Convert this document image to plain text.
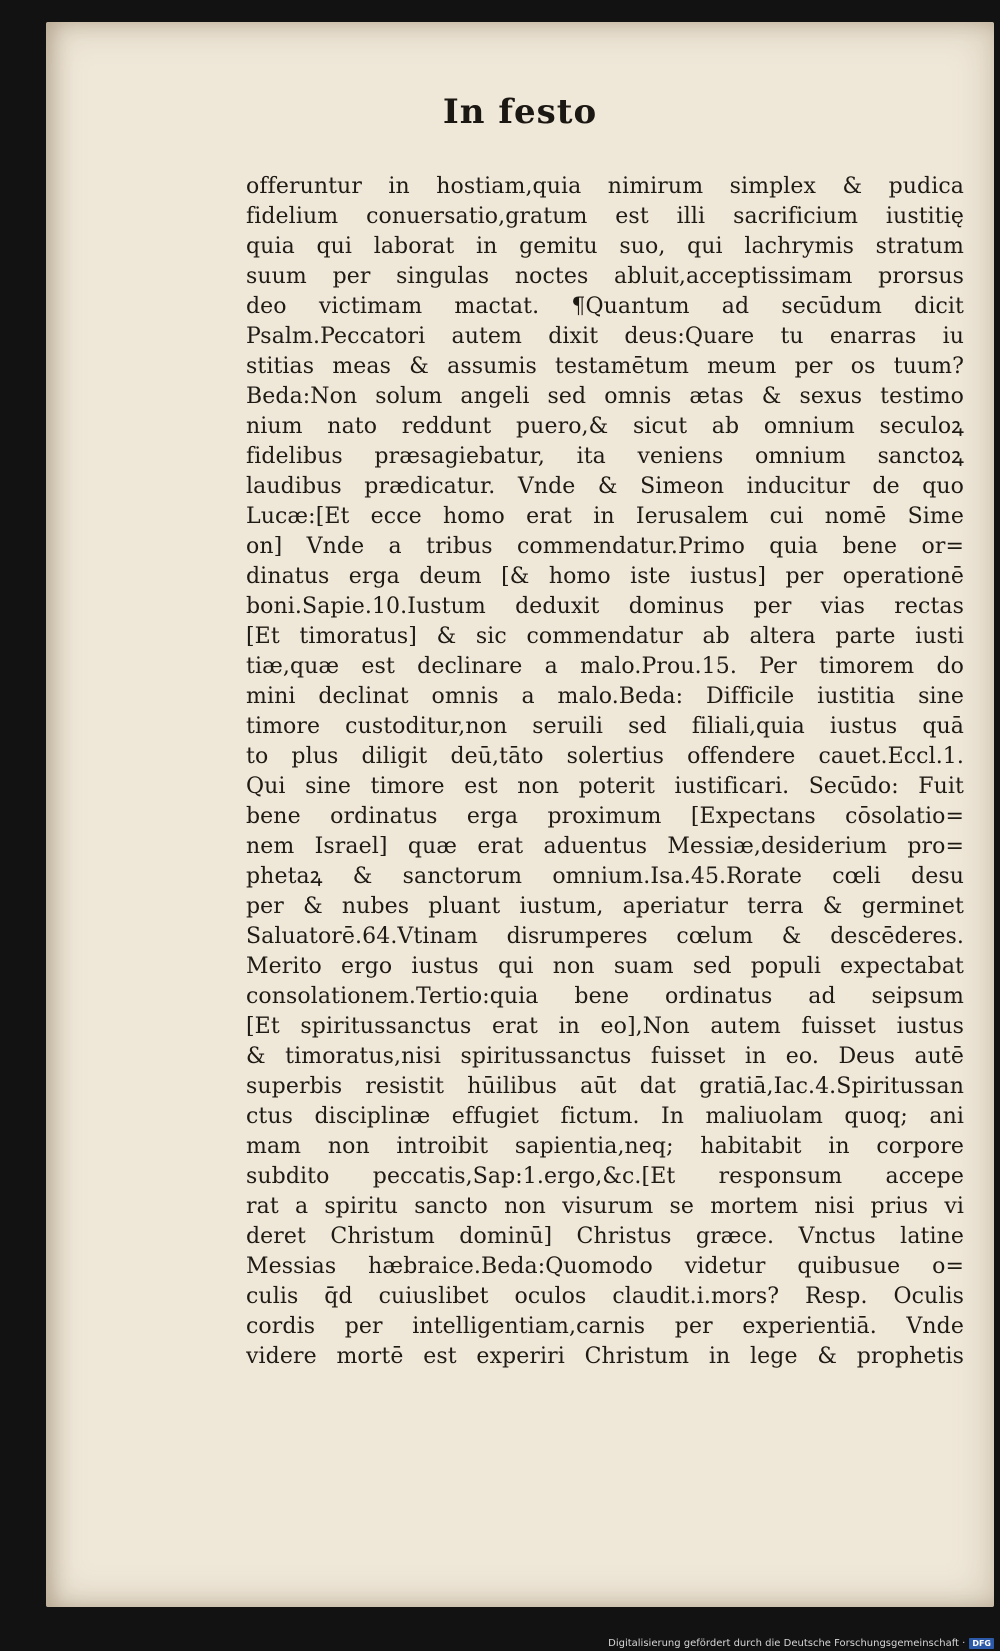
In festo
offeruntur in hostiam,quia nimirum simplex & pudica
fidelium conuersatio,gratum est illi sacrificium iustitię
quia qui laborat in gemitu suo, qui lachrymis stratum
suum per singulas noctes abluit,acceptissimam prorsus
deo victimam mactat. ¶Quantum ad secūdum dicit
Psalm.Peccatori autem dixit deus:Quare tu enarras iu
stitias meas & assumis testamētum meum per os tuum?
Beda:Non solum angeli sed omnis ætas & sexus testimo
nium nato reddunt puero,& sicut ab omnium seculoꝝ
fidelibus præsagiebatur, ita veniens omnium sanctoꝝ
laudibus prædicatur. Vnde & Simeon inducitur de quo
Lucæ:[Et ecce homo erat in Ierusalem cui nomē Sime
on] Vnde a tribus commendatur.Primo quia bene or=
dinatus erga deum [& homo iste iustus] per operationē
boni.Sapie.10.Iustum deduxit dominus per vias rectas
[Et timoratus] & sic commendatur ab altera parte iusti
tiæ,quæ est declinare a malo.Prou.15. Per timorem do
mini declinat omnis a malo.Beda: Difficile iustitia sine
timore custoditur,non seruili sed filiali,quia iustus quā
to plus diligit deū,tāto solertius offendere cauet.Eccl.1.
Qui sine timore est non poterit iustificari. Secūdo: Fuit
bene ordinatus erga proximum [Expectans cōsolatio=
nem Israel] quæ erat aduentus Messiæ,desiderium pro=
phetaꝝ & sanctorum omnium.Isa.45.Rorate cœli desu
per & nubes pluant iustum, aperiatur terra & germinet
Saluatorē.64.Vtinam disrumperes cœlum & descēderes.
Merito ergo iustus qui non suam sed populi expectabat
consolationem.Tertio:quia bene ordinatus ad seipsum
[Et spiritussanctus erat in eo],Non autem fuisset iustus
& timoratus,nisi spiritussanctus fuisset in eo. Deus autē
superbis resistit hūilibus aūt dat gratiā,Iac.4.Spiritussan
ctus disciplinæ effugiet fictum. In maliuolam quoq; ani
mam non introibit sapientia,neq; habitabit in corpore
subdito peccatis,Sap:1.ergo,&c.[Et responsum accepe
rat a spiritu sancto non visurum se mortem nisi prius vi
deret Christum dominū] Christus græce. Vnctus latine
Messias hæbraice.Beda:Quomodo videtur quibusue o=
culis q̄d cuiuslibet oculos claudit.i.mors? Resp. Oculis
cordis per intelligentiam,carnis per experientiā. Vnde
videre mortē est experiri Christum in lege & prophetis
Digitalisierung gefördert durch die Deutsche Forschungsgemeinschaft · DFG
